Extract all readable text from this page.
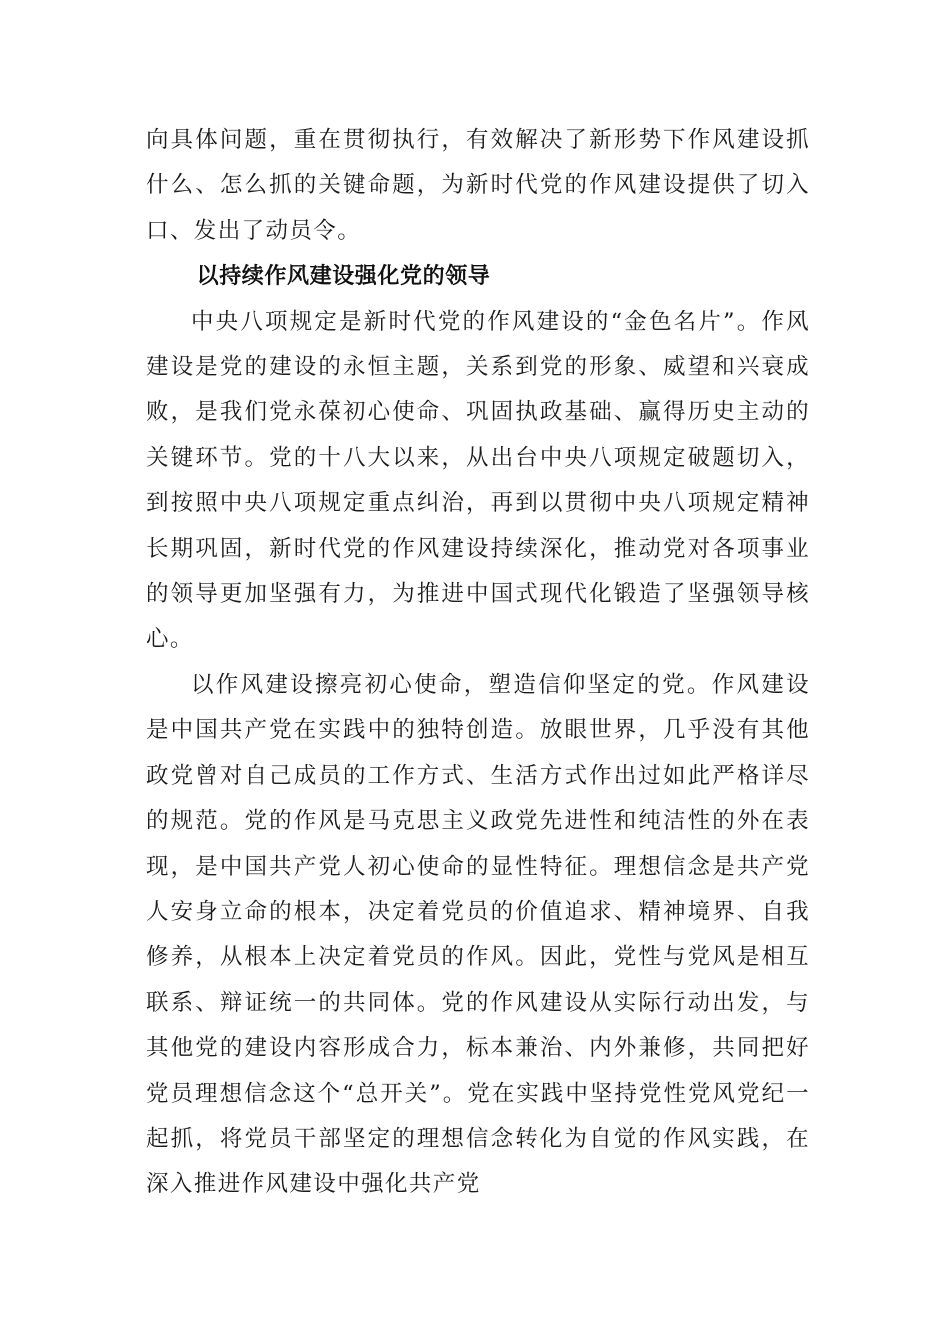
向具体问题，重在贯彻执行，有效解决了新形势下作风建设抓什么、怎么抓的关键命题，为新时代党的作风建设提供了切入口、发出了动员令。

以持续作风建设强化党的领导

中央八项规定是新时代党的作风建设的“金色名片”。作风建设是党的建设的永恒主题，关系到党的形象、威望和兴衰成败，是我们党永葆初心使命、巩固执政基础、赢得历史主动的关键环节。党的十八大以来，从出台中央八项规定破题切入，到按照中央八项规定重点纠治，再到以贯彻中央八项规定精神长期巩固，新时代党的作风建设持续深化，推动党对各项事业的领导更加坚强有力，为推进中国式现代化锻造了坚强领导核心。

以作风建设擦亮初心使命，塑造信仰坚定的党。作风建设是中国共产党在实践中的独特创造。放眼世界，几乎没有其他政党曾对自己成员的工作方式、生活方式作出过如此严格详尽的规范。党的作风是马克思主义政党先进性和纯洁性的外在表现，是中国共产党人初心使命的显性特征。理想信念是共产党人安身立命的根本，决定着党员的价值追求、精神境界、自我修养，从根本上决定着党员的作风。因此，党性与党风是相互联系、辩证统一的共同体。党的作风建设从实际行动出发，与其他党的建设内容形成合力，标本兼治、内外兼修，共同把好党员理想信念这个“总开关”。党在实践中坚持党性党风党纪一起抓，将党员干部坚定的理想信念转化为自觉的作风实践，在深入推进作风建设中强化共产党
